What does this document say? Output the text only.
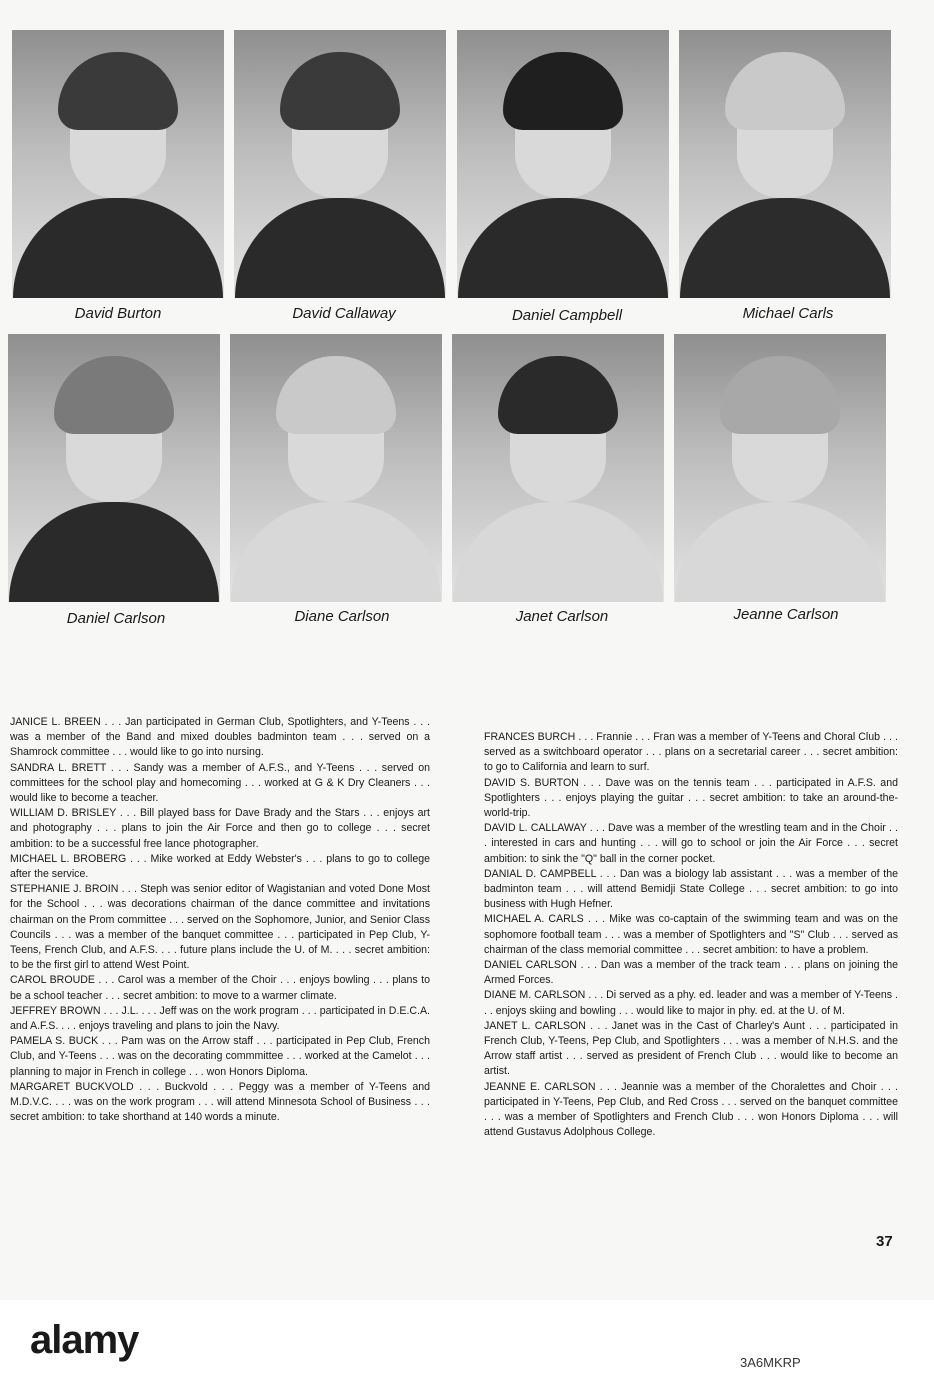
David Burton	David Callaway	Daniel Campbell	Michael Carls
Daniel Carlson	Diane Carlson	Janet Carlson	Jeanne Carlson

JANICE L. BREEN . . . Jan participated in German Club, Spotlighters, and Y-Teens . . . was a member of the Band and mixed doubles badminton team . . . served on a Shamrock committee . . . would like to go into nursing.

SANDRA L. BRETT . . . Sandy was a member of A.F.S., and Y-Teens . . . served on committees for the school play and homecoming . . . worked at G & K Dry Cleaners . . . would like to become a teacher.

WILLIAM D. BRISLEY . . . Bill played bass for Dave Brady and the Stars . . . enjoys art and photography . . . plans to join the Air Force and then go to college . . . secret ambition: to be a successful free lance photographer.

MICHAEL L. BROBERG . . . Mike worked at Eddy Webster's . . . plans to go to college after the service.

STEPHANIE J. BROIN . . . Steph was senior editor of Wagistanian and voted Done Most for the School . . . was decorations chairman of the dance committee and invitations chairman on the Prom committee . . . served on the Sophomore, Junior, and Senior Class Councils . . . was a member of the banquet committee . . . participated in Pep Club, Y-Teens, French Club, and A.F.S. . . . future plans include the U. of M. . . . secret ambition: to be the first girl to attend West Point.

CAROL BROUDE . . . Carol was a member of the Choir . . . enjoys bowling . . . plans to be a school teacher . . . secret ambition: to move to a warmer climate.

JEFFREY BROWN . . . J.L. . . . Jeff was on the work program . . . participated in D.E.C.A. and A.F.S. . . . enjoys traveling and plans to join the Navy.

PAMELA S. BUCK . . . Pam was on the Arrow staff . . . participated in Pep Club, French Club, and Y-Teens . . . was on the decorating commmittee . . . worked at the Camelot . . . planning to major in French in college . . . won Honors Diploma.

MARGARET BUCKVOLD . . . Buckvold . . . Peggy was a member of Y-Teens and M.D.V.C. . . . was on the work program . . . will attend Minnesota School of Business . . . secret ambition: to take shorthand at 140 words a minute.

FRANCES BURCH . . . Frannie . . . Fran was a member of Y-Teens and Choral Club . . . served as a switchboard operator . . . plans on a secretarial career . . . secret ambition: to go to California and learn to surf.

DAVID S. BURTON . . . Dave was on the tennis team . . . participated in A.F.S. and Spotlighters . . . enjoys playing the guitar . . . secret ambition: to take an around-the-world-trip.

DAVID L. CALLAWAY . . . Dave was a member of the wrestling team and in the Choir . . . interested in cars and hunting . . . will go to school or join the Air Force . . . secret ambition: to sink the "Q" ball in the corner pocket.

DANIAL D. CAMPBELL . . . Dan was a biology lab assistant . . . was a member of the badminton team . . . will attend Bemidji State College . . . secret ambition: to go into business with Hugh Hefner.

MICHAEL A. CARLS . . . Mike was co-captain of the swimming team and was on the sophomore football team . . . was a member of Spotlighters and "S" Club . . . served as chairman of the class memorial committee . . . secret ambition: to have a problem.

DANIEL CARLSON . . . Dan was a member of the track team . . . plans on joining the Armed Forces.

DIANE M. CARLSON . . . Di served as a phy. ed. leader and was a member of Y-Teens . . . enjoys skiing and bowling . . . would like to major in phy. ed. at the U. of M.

JANET L. CARLSON . . . Janet was in the Cast of Charley's Aunt . . . participated in French Club, Y-Teens, Pep Club, and Spotlighters . . . was a member of N.H.S. and the Arrow staff artist . . . served as president of French Club . . . would like to become an artist.

JEANNE E. CARLSON . . . Jeannie was a member of the Choralettes and Choir . . . participated in Y-Teens, Pep Club, and Red Cross . . . served on the banquet committee . . . was a member of Spotlighters and French Club . . . won Honors Diploma . . . will attend Gustavus Adolphous College.

37
alamy
3A6MKRP
